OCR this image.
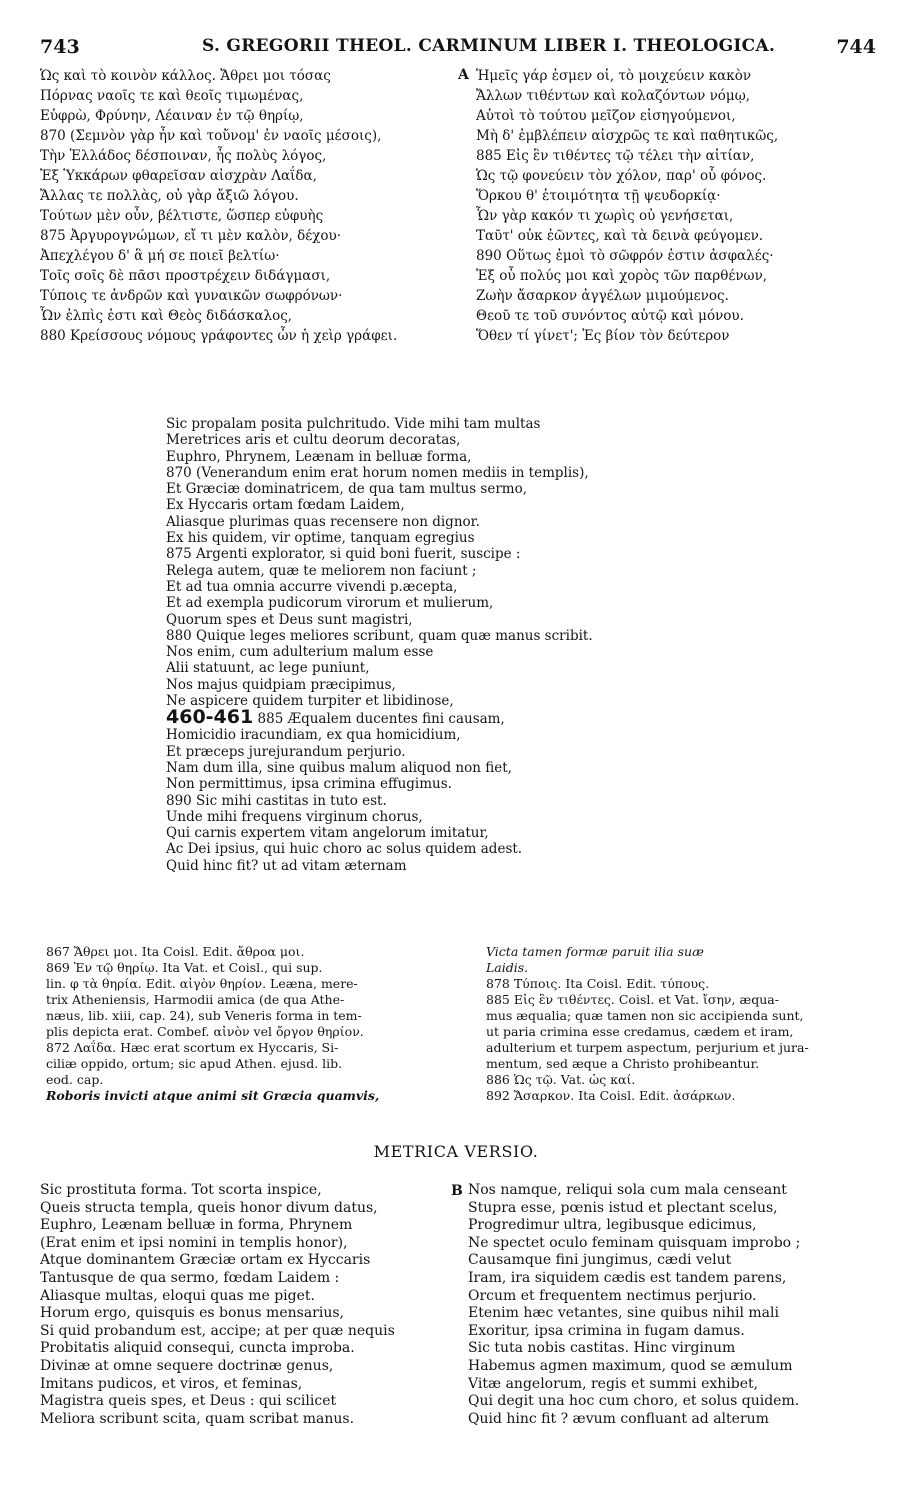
743	S. GREGORII THEOL. CARMINUM LIBER I. THEOLOGICA.	744
Ὡς καὶ τὸ κοινὸν κάλλος. Ἄθρει μοι τόσας
Πόρνας ναοῖς τε καὶ θεοῖς τιμωμένας,
Εὐφρὼ, Φρύνην, Λέαιναν ἐν τῷ θηρίῳ,
870 (Σεμνὸν γὰρ ἦν καὶ τοὔνομ' ἐν ναοῖς μέσοις),
Τὴν Ἑλλάδος δέσποιναν, ἧς πολὺς λόγος,
Ἐξ Ὑκκάρων φθαρεῖσαν αἰσχρὰν Λαΐδα,
Ἄλλας τε πολλὰς, οὐ γὰρ ἄξιῶ λόγου.
Τούτων μὲν οὖν, βέλτιστε, ὥσπερ εὐφυὴς
875 Ἀργυρογνώμων, εἴ τι μὲν καλὸν, δέχου·
Ἀπεχλέγου δ' ἃ μή σε ποιεῖ βελτίω·
Τοῖς σοῖς δὲ πᾶσι προστρέχειν διδάγμασι,
Τύποις τε ἀνδρῶν καὶ γυναικῶν σωφρόνων·
Ὧν ἐλπὶς ἐστι καὶ Θεὸς διδάσκαλος,
880 Κρείσσους νόμους γράφοντες ὧν ἡ χεὶρ γράφει.
A Ἡμεῖς γάρ ἐσμεν οἱ, τὸ μοιχεύειν κακὸν
Ἄλλων τιθέντων καὶ κολαζόντων νόμῳ,
Αὐτοὶ τὸ τούτου μεῖζον εἰσηγούμενοι,
Μὴ δ' ἐμβλέπειν αἰσχρῶς τε καὶ παθητικῶς,
885 Εἰς ἓν τιθέντες τῷ τέλει τὴν αἰτίαν,
Ὡς τῷ φονεύειν τὸν χόλον, παρ' οὗ φόνος.
Ὅρκου θ' ἑτοιμότητα τῇ ψευδορκίᾳ·
Ὧν γὰρ κακόν τι χωρὶς οὐ γενήσεται,
Ταῦτ' οὐκ ἐῶντες, καὶ τὰ δεινὰ φεύγομεν.
890 Οὕτως ἐμοὶ τὸ σῶφρόν ἐστιν ἀσφαλές·
Ἐξ οὗ πολύς μοι καὶ χορὸς τῶν παρθένων,
Ζωὴν ἄσαρκον ἀγγέλων μιμούμενος.
Θεοῦ τε τοῦ συνόντος αὐτῷ καὶ μόνου.
Ὅθεν τί γίνετ'; Ἐς βίον τὸν δεύτερον
Sic propalam posita pulchritudo. Vide mihi tam multas
Meretrices aris et cultu deorum decoratas,
Euphro, Phrynem, Leænam in belluæ forma,
870 (Venerandum enim erat horum nomen mediis in templis),
Et Græciæ dominatricem, de qua tam multus sermo,
Ex Hyccaris ortam fœdam Laidem,
Aliasque plurimas quas recensere non dignor.
Ex his quidem, vir optime, tanquam egregius
875 Argenti explorator, si quid boni fuerit, suscipe :
Relega autem, quæ te meliorem non faciunt ;
Et ad tua omnia accurre vivendi p.æcepta,
Et ad exempla pudicorum virorum et mulierum,
Quorum spes et Deus sunt magistri,
880 Quique leges meliores scribunt, quam quæ manus scribit.
Nos enim, cum adulterium malum esse
Alii statuunt, ac lege puniunt,
Nos majus quidpiam præcipimus,
Ne aspicere quidem turpiter et libidinose,
460-461 885 Æqualem ducentes fini causam,
Homicidio iracundiam, ex qua homicidium,
Et præceps jurejurandum perjurio.
Nam dum illa, sine quibus malum aliquod non fiet,
Non permittimus, ipsa crimina effugimus.
890 Sic mihi castitas in tuto est.
Unde mihi frequens virginum chorus,
Qui carnis expertem vitam angelorum imitatur,
Ac Dei ipsius, qui huic choro ac solus quidem adest.
Quid hinc fit? ut ad vitam æternam
867 Ἄθρει μοι. Ita Coisl. Edit. ἄθροα μοι.
869 Ἐν τῷ θηρίῳ. Ita Vat. et Coisl., qui sup.
lin. φ τὰ θηρία. Edit. αἰγὸν θηρίον. Leæna, mere-
trix Atheniensis, Harmodii amica (de qua Athe-
næus, lib. xiii, cap. 24), sub Veneris forma in tem-
plis depicta erat. Combef. αἰνὸν vel ὄργον θηρίον.
872 Λαΐδα. Hæc erat scortum ex Hyccaris, Si-
ciliæ oppido, ortum; sic apud Athen. ejusd. lib.
eod. cap.
Roboris invicti atque animi sit Græcia quamvis,
Victa tamen formæ paruit ilia suæ
Laidis.
878 Τύποις. Ita Coisl. Edit. τύπους.
885 Εἰς ἓν τιθέντες. Coisl. et Vat. ἴσην, æqua-
mus æqualia; quæ tamen non sic accipienda sunt,
ut paria crimina esse credamus, cædem et iram,
adulterium et turpem aspectum, perjurium et jura-
mentum, sed æque a Christo prohibeantur.
886 Ὡς τῷ. Vat. ὡς καί.
892 Ἄσαρκον. Ita Coisl. Edit. ἀσάρκων.
METRICA VERSIO.
Sic prostituta forma. Tot scorta inspice,
Queis structa templa, queis honor divum datus,
Euphro, Leænam belluæ in forma, Phrynem
(Erat enim et ipsi nomini in templis honor),
Atque dominantem Græciæ ortam ex Hyccaris
Tantusque de qua sermo, fœdam Laidem :
Aliasque multas, eloqui quas me piget.
Horum ergo, quisquis es bonus mensarius,
Si quid probandum est, accipe; at per quæ nequis
Probitatis aliquid consequi, cuncta improba.
Divinæ at omne sequere doctrinæ genus,
Imitans pudicos, et viros, et feminas,
Magistra queis spes, et Deus : qui scilicet
Meliora scribunt scita, quam scribat manus.
B Nos namque, reliqui sola cum mala censeant
Stupra esse, pœnis istud et plectant scelus,
Progredimur ultra, legibusque edicimus,
Ne spectet oculo feminam quisquam improbo ;
Causamque fini jungimus, cædi velut
Iram, ira siquidem cædis est tandem parens,
Orcum et frequentem nectimus perjurio.
Etenim hæc vetantes, sine quibus nihil mali
Exoritur, ipsa crimina in fugam damus.
Sic tuta nobis castitas. Hinc virginum
Habemus agmen maximum, quod se æmulum
Vitæ angelorum, regis et summi exhibet,
Qui degit una hoc cum choro, et solus quidem.
Quid hinc fit ? ævum confluant ad alterum
